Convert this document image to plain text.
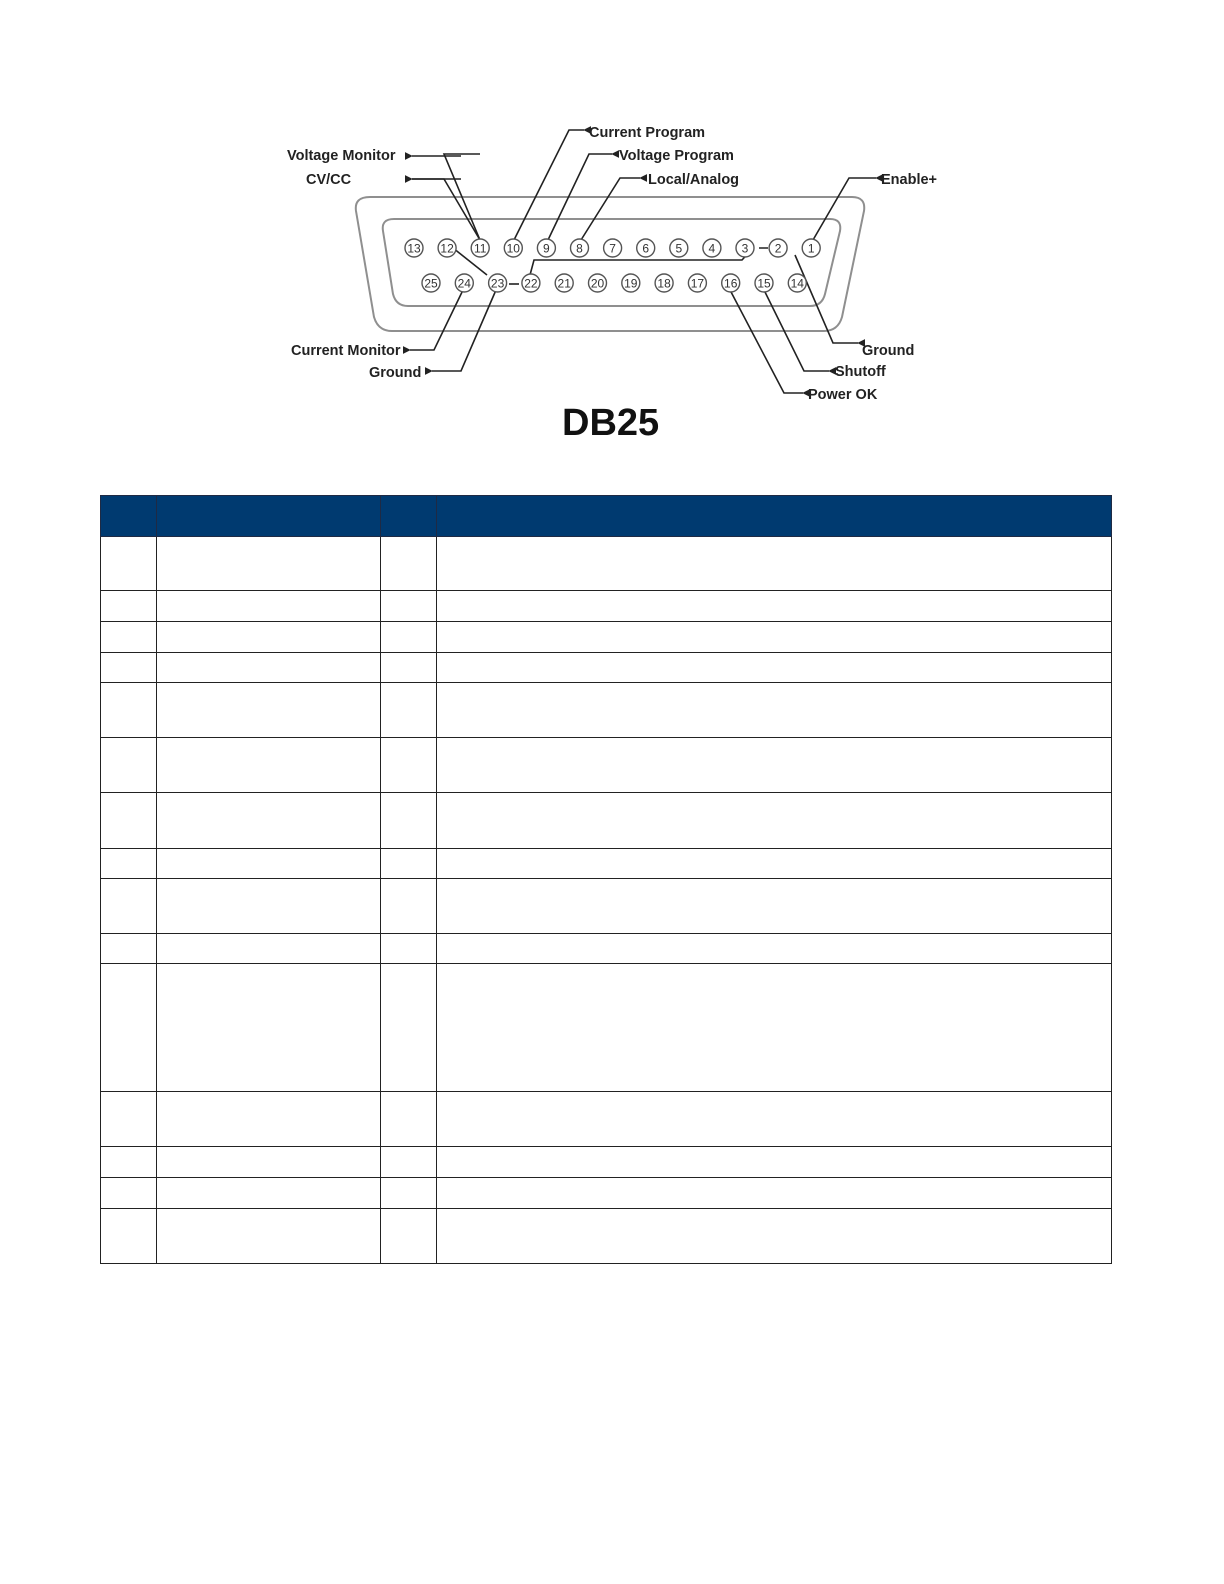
13 12 11 10 9 8 7 6 5 4 3 2 1
25 24 23 22 21 20 19 18 17 16 15 14
Current Program
Voltage Monitor	Voltage Program
CV/CC	Local/Analog	Enable+
Current Monitor
Ground
Ground
Shutoff
Power OK
DB25
